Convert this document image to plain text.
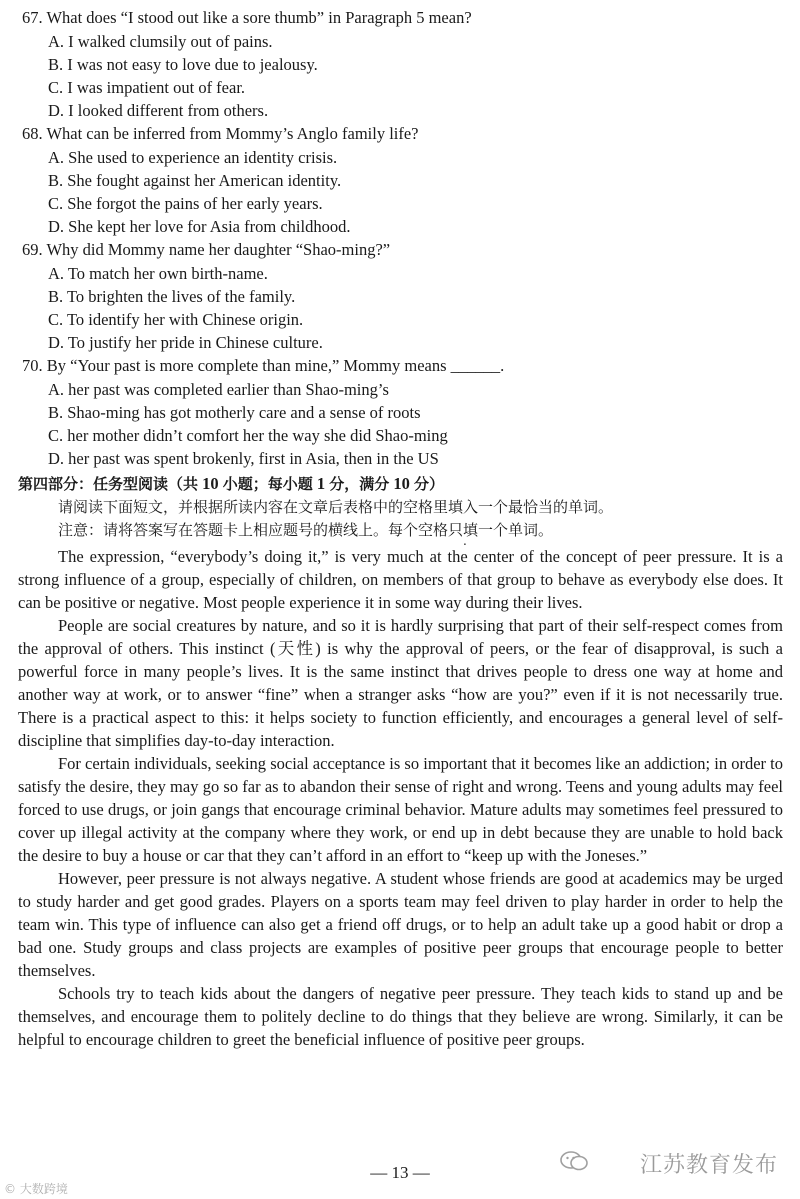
67. What does “I stood out like a sore thumb” in Paragraph 5 mean?
A. I walked clumsily out of pains.
B. I was not easy to love due to jealousy.
C. I was impatient out of fear.
D. I looked different from others.
68. What can be inferred from Mommy’s Anglo family life?
A. She used to experience an identity crisis.
B. She fought against her American identity.
C. She forgot the pains of her early years.
D. She kept her love for Asia from childhood.
69. Why did Mommy name her daughter “Shao-ming?”
A. To match her own birth-name.
B. To brighten the lives of the family.
C. To identify her with Chinese origin.
D. To justify her pride in Chinese culture.
70. By “Your past is more complete than mine,” Mommy means ______.
A. her past was completed earlier than Shao-ming’s
B. Shao-ming has got motherly care and a sense of roots
C. her mother didn’t comfort her the way she did Shao-ming
D. her past was spent brokenly, first in Asia, then in the US
第四部分：任务型阅读（共 10 小题；每小题 1 分，满分 10 分）
请阅读下面短文，并根据所读内容在文章后表格中的空格里填入一个最恰当的单词。
注意：请将答案写在答题卡上相应题号的横线上。每个空格只填一个单词。

The expression, “everybody’s doing it,” is very much at the center of the concept of peer pressure. It is a strong influence of a group, especially of children, on members of that group to behave as everybody else does. It can be positive or negative. Most people experience it in some way during their lives.

People are social creatures by nature, and so it is hardly surprising that part of their self-respect comes from the approval of others. This instinct (天性) is why the approval of peers, or the fear of disapproval, is such a powerful force in many people’s lives. It is the same instinct that drives people to dress one way at home and another way at work, or to answer “fine” when a stranger asks “how are you?” even if it is not necessarily true. There is a practical aspect to this: it helps society to function efficiently, and encourages a general level of self-discipline that simplifies day-to-day interaction.

For certain individuals, seeking social acceptance is so important that it becomes like an addiction; in order to satisfy the desire, they may go so far as to abandon their sense of right and wrong. Teens and young adults may feel forced to use drugs, or join gangs that encourage criminal behavior. Mature adults may sometimes feel pressured to cover up illegal activity at the company where they work, or end up in debt because they are unable to hold back the desire to buy a house or car that they can’t afford in an effort to “keep up with the Joneses.”

However, peer pressure is not always negative. A student whose friends are good at academics may be urged to study harder and get good grades. Players on a sports team may feel driven to play harder in order to help the team win. This type of influence can also get a friend off drugs, or to help an adult take up a good habit or drop a bad one. Study groups and class projects are examples of positive peer groups that encourage people to better themselves.

Schools try to teach kids about the dangers of negative peer pressure. They teach kids to stand up and be themselves, and encourage them to politely decline to do things that they believe are wrong. Similarly, it can be helpful to encourage children to greet the beneficial influence of positive peer groups.

— 13 —	江苏教育发布
© 大数跨境
